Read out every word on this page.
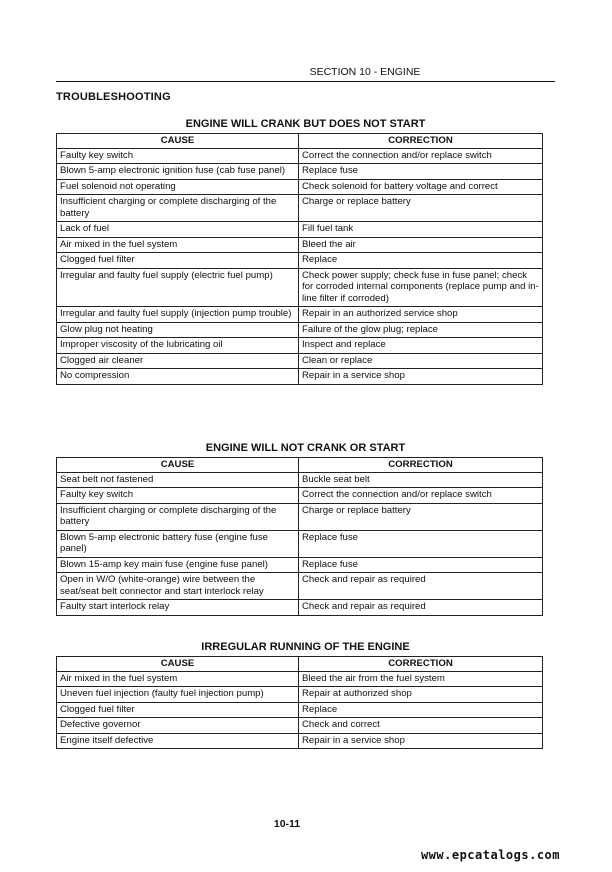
SECTION 10 - ENGINE
TROUBLESHOOTING
ENGINE WILL CRANK BUT DOES NOT START
CAUSE	CORRECTION
Faulty key switch	Correct the connection and/or replace switch
Blown 5-amp electronic ignition fuse (cab fuse panel)	Replace fuse
Fuel solenoid not operating	Check solenoid for battery voltage and correct
Insufficient charging or complete discharging of the battery	Charge or replace battery
Lack of fuel	Fill fuel tank
Air mixed in the fuel system	Bleed the air
Clogged fuel filter	Replace
Irregular and faulty fuel supply (electric fuel pump)	Check power supply; check fuse in fuse panel; check for corroded internal components (replace pump and in-line filter if corroded)
Irregular and faulty fuel supply (injection pump trouble)	Repair in an authorized service shop
Glow plug not heating	Failure of the glow plug; replace
Improper viscosity of the lubricating oil	Inspect and replace
Clogged air cleaner	Clean or replace
No compression	Repair in a service shop
ENGINE WILL NOT CRANK OR START
CAUSE	CORRECTION
Seat belt not fastened	Buckle seat belt
Faulty key switch	Correct the connection and/or replace switch
Insufficient charging or complete discharging of the battery	Charge or replace battery
Blown 5-amp electronic battery fuse (engine fuse panel)	Replace fuse
Blown 15-amp key main fuse (engine fuse panel)	Replace fuse
Open in W/O (white-orange) wire between the seat/seat belt connector and start interlock relay	Check and repair as required
Faulty start interlock relay	Check and repair as required
IRREGULAR RUNNING OF THE ENGINE
CAUSE	CORRECTION
Air mixed in the fuel system	Bleed the air from the fuel system
Uneven fuel injection (faulty fuel injection pump)	Repair at authorized shop
Clogged fuel filter	Replace
Defective governor	Check and correct
Engine itself defective	Repair in a service shop
10-11
www.epcatalogs.com
